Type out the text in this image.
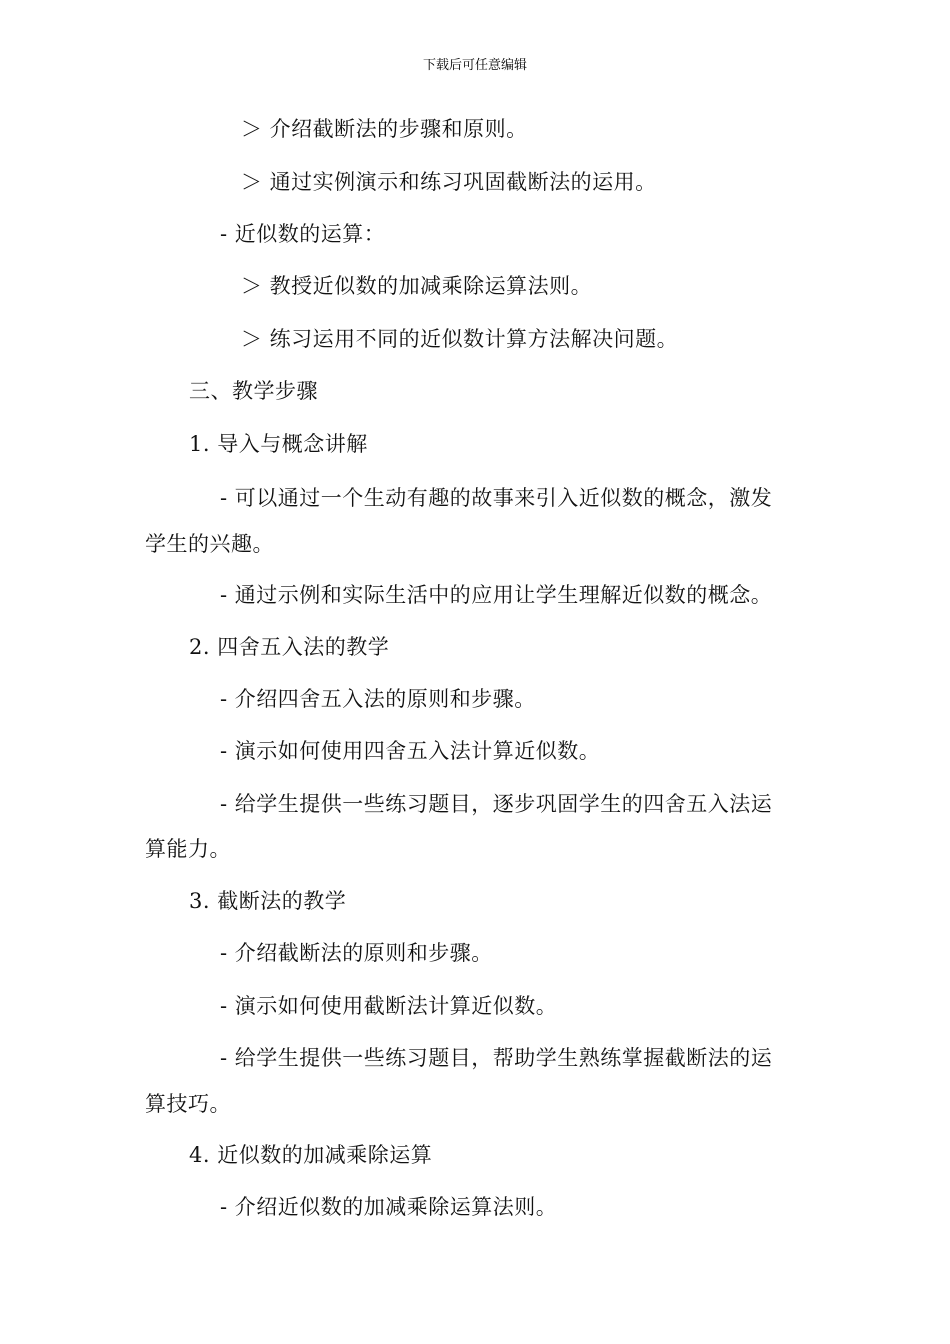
下载后可任意编辑
＞ 介绍截断法的步骤和原则。
＞ 通过实例演示和练习巩固截断法的运用。
- 近似数的运算：
＞ 教授近似数的加减乘除运算法则。
＞ 练习运用不同的近似数计算方法解决问题。
三、教学步骤
1. 导入与概念讲解
- 可以通过一个生动有趣的故事来引入近似数的概念，激发
学生的兴趣。
- 通过示例和实际生活中的应用让学生理解近似数的概念。
2. 四舍五入法的教学
- 介绍四舍五入法的原则和步骤。
- 演示如何使用四舍五入法计算近似数。
- 给学生提供一些练习题目，逐步巩固学生的四舍五入法运
算能力。
3. 截断法的教学
- 介绍截断法的原则和步骤。
- 演示如何使用截断法计算近似数。
- 给学生提供一些练习题目，帮助学生熟练掌握截断法的运
算技巧。
4. 近似数的加减乘除运算
- 介绍近似数的加减乘除运算法则。
